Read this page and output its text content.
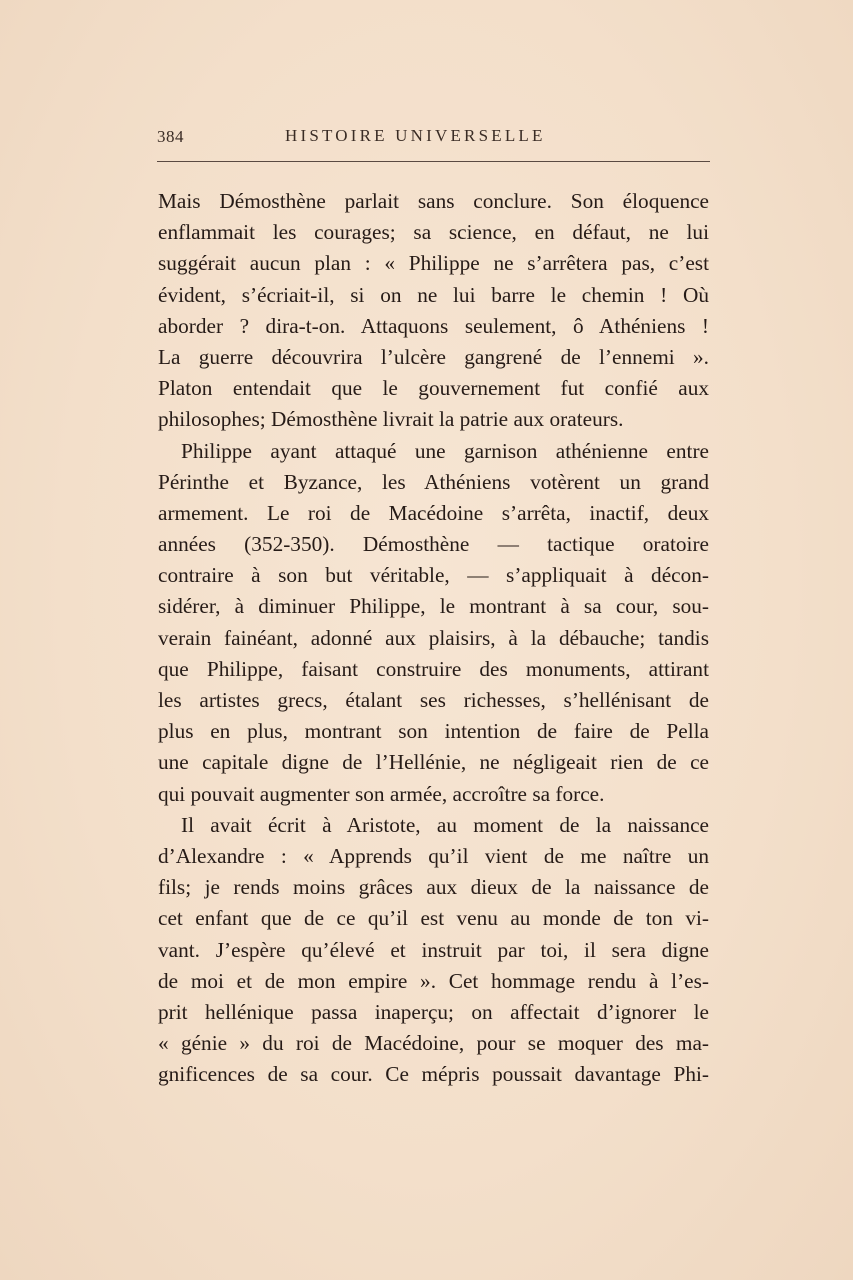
384	HISTOIRE UNIVERSELLE
Mais Démosthène parlait sans conclure. Son éloquence
enflammait les courages; sa science, en défaut, ne lui
suggérait aucun plan : « Philippe ne s’arrêtera pas, c’est
évident, s’écriait-il, si on ne lui barre le chemin ! Où
aborder ? dira-t-on. Attaquons seulement, ô Athéniens !
La guerre découvrira l’ulcère gangrené de l’ennemi ».
Platon entendait que le gouvernement fut confié aux
philosophes; Démosthène livrait la patrie aux orateurs.
Philippe ayant attaqué une garnison athénienne entre
Périnthe et Byzance, les Athéniens votèrent un grand
armement. Le roi de Macédoine s’arrêta, inactif, deux
années (352-350). Démosthène — tactique oratoire
contraire à son but véritable, — s’appliquait à décon-
sidérer, à diminuer Philippe, le montrant à sa cour, sou-
verain fainéant, adonné aux plaisirs, à la débauche; tandis
que Philippe, faisant construire des monuments, attirant
les artistes grecs, étalant ses richesses, s’hellénisant de
plus en plus, montrant son intention de faire de Pella
une capitale digne de l’Hellénie, ne négligeait rien de ce
qui pouvait augmenter son armée, accroître sa force.
Il avait écrit à Aristote, au moment de la naissance
d’Alexandre : « Apprends qu’il vient de me naître un
fils; je rends moins grâces aux dieux de la naissance de
cet enfant que de ce qu’il est venu au monde de ton vi-
vant. J’espère qu’élevé et instruit par toi, il sera digne
de moi et de mon empire ». Cet hommage rendu à l’es-
prit hellénique passa inaperçu; on affectait d’ignorer le
« génie » du roi de Macédoine, pour se moquer des ma-
gnificences de sa cour. Ce mépris poussait davantage Phi-
